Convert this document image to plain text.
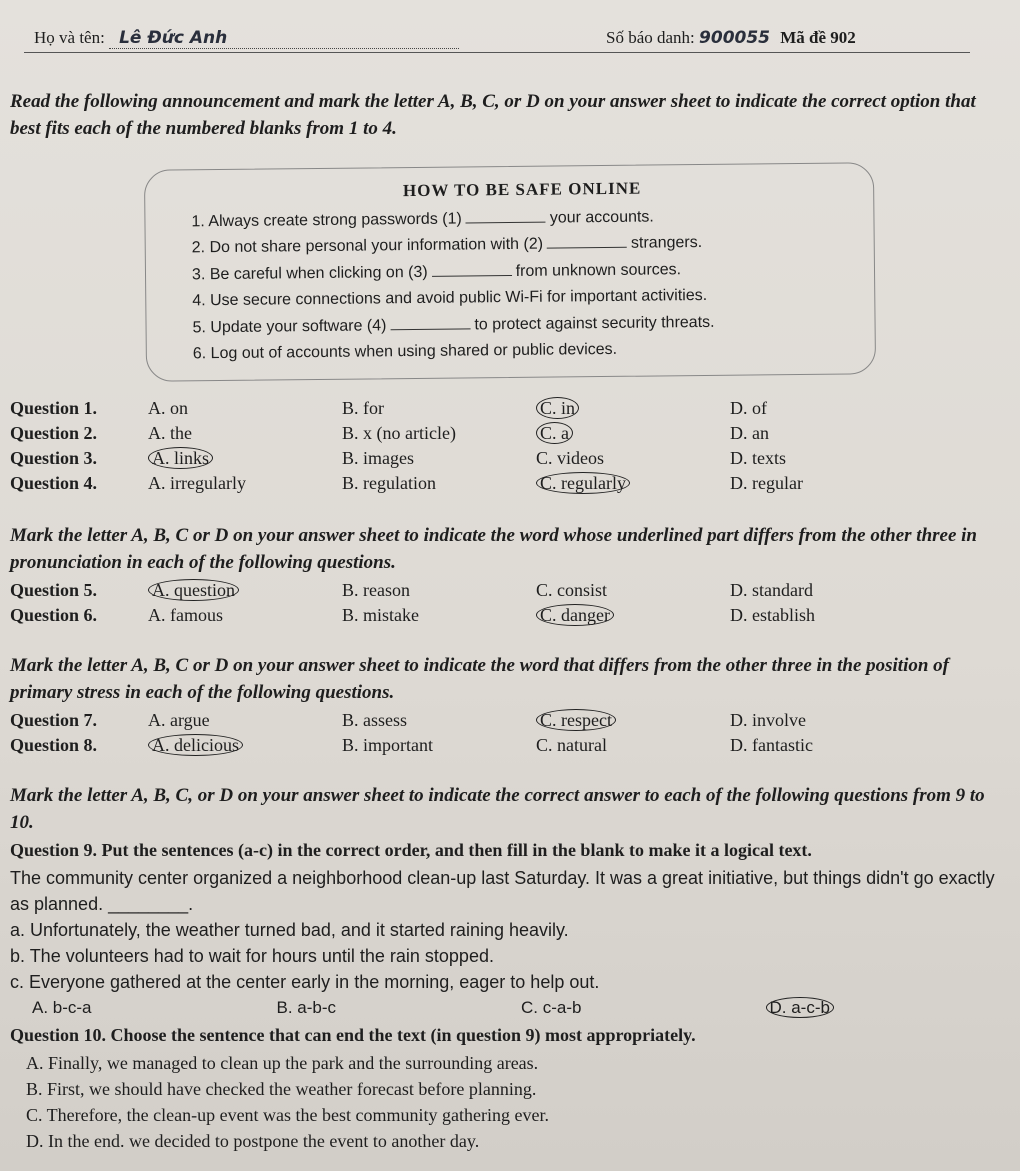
Họ và tên: Lê Đức Anh	Số báo danh: 900055 Mã đề 902
Read the following announcement and mark the letter A, B, C, or D on your answer sheet to indicate the correct option that best fits each of the numbered blanks from 1 to 4.
HOW TO BE SAFE ONLINE
1. Always create strong passwords (1)	your accounts.
2. Do not share personal your information with (2)	strangers.
3. Be careful when clicking on (3)	from unknown sources.
4. Use secure connections and avoid public Wi-Fi for important activities.
5. Update your software (4)	to protect against security threats.
6. Log out of accounts when using shared or public devices.
Question 1.	A. on	B. for	C. in	D. of
Question 2.	A. the	B. x (no article)	C. a	D. an
Question 3.	A. links	B. images	C. videos	D. texts
Question 4.	A. irregularly	B. regulation	C. regularly	D. regular
Mark the letter A, B, C or D on your answer sheet to indicate the word whose underlined part differs from the other three in pronunciation in each of the following questions.
Question 5.	A. question	B. reason	C. consist	D. standard
Question 6.	A. famous	B. mistake	C. danger	D. establish
Mark the letter A, B, C or D on your answer sheet to indicate the word that differs from the other three in the position of primary stress in each of the following questions.
Question 7.	A. argue	B. assess	C. respect	D. involve
Question 8.	A. delicious	B. important	C. natural	D. fantastic
Mark the letter A, B, C, or D on your answer sheet to indicate the correct answer to each of the following questions from 9 to 10.
Question 9. Put the sentences (a-c) in the correct order, and then fill in the blank to make it a logical text.
The community center organized a neighborhood clean-up last Saturday. It was a great initiative, but things didn't go exactly as planned. ________.
a. Unfortunately, the weather turned bad, and it started raining heavily.
b. The volunteers had to wait for hours until the rain stopped.
c. Everyone gathered at the center early in the morning, eager to help out.
A. b-c-a	B. a-b-c	C. c-a-b	D. a-c-b
Question 10. Choose the sentence that can end the text (in question 9) most appropriately.
A. Finally, we managed to clean up the park and the surrounding areas.
B. First, we should have checked the weather forecast before planning.
C. Therefore, the clean-up event was the best community gathering ever.
D. In the end. we decided to postpone the event to another day.
